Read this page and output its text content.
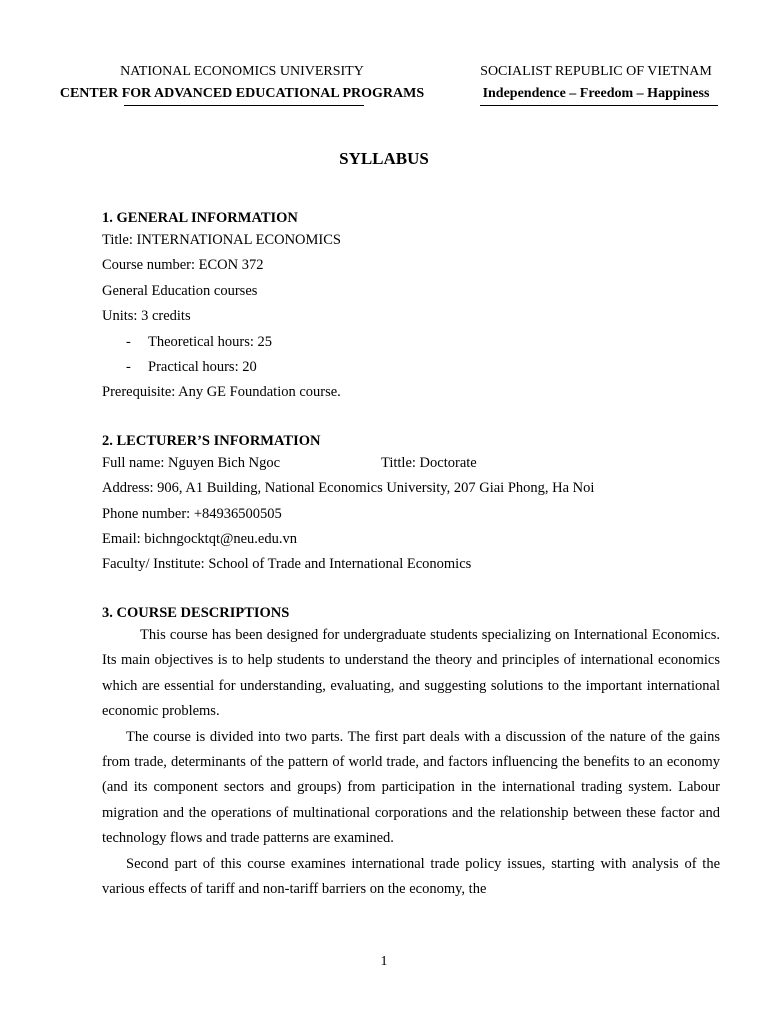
NATIONAL ECONOMICS UNIVERSITY
CENTER FOR ADVANCED EDUCATIONAL PROGRAMS
SOCIALIST REPUBLIC OF VIETNAM
Independence – Freedom – Happiness
SYLLABUS
1. GENERAL INFORMATION
Title: INTERNATIONAL ECONOMICS
Course number: ECON 372
General Education courses
Units: 3 credits
- Theoretical hours: 25
- Practical hours: 20
Prerequisite: Any GE Foundation course.
2. LECTURER’S INFORMATION
Full name: Nguyen Bich Ngoc	Tittle: Doctorate
Address: 906, A1 Building, National Economics University, 207 Giai Phong, Ha Noi
Phone number: +84936500505
Email: bichngocktqt@neu.edu.vn
Faculty/ Institute: School of Trade and International Economics
3. COURSE DESCRIPTIONS

This course has been designed for undergraduate students specializing on International Economics. Its main objectives is to help students to understand the theory and principles of international economics which are essential for understanding, evaluating, and suggesting solutions to the important international economic problems.

The course is divided into two parts. The first part deals with a discussion of the nature of the gains from trade, determinants of the pattern of world trade, and factors influencing the benefits to an economy (and its component sectors and groups) from participation in the international trading system. Labour migration and the operations of multinational corporations and the relationship between these factor and technology flows and trade patterns are examined.

Second part of this course examines international trade policy issues, starting with analysis of the various effects of tariff and non-tariff barriers on the economy, the

1
